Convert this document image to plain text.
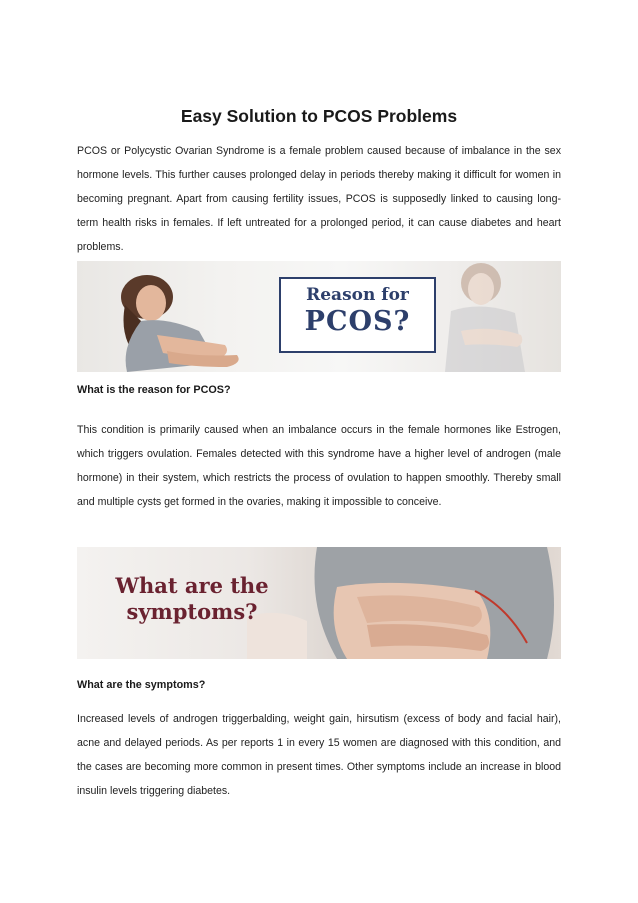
Easy Solution to PCOS Problems

PCOS or Polycystic Ovarian Syndrome is a female problem caused because of imbalance in the sex hormone levels. This further causes prolonged delay in periods thereby making it difficult for women in becoming pregnant. Apart from causing fertility issues, PCOS is supposedly linked to causing long-term health risks in females. If left untreated for a prolonged period, it can cause diabetes and heart problems.

Reason for
PCOS?
What is the reason for PCOS?

This condition is primarily caused when an imbalance occurs in the female hormones like Estrogen, which triggers ovulation. Females detected with this syndrome have a higher level of androgen (male hormone) in their system, which restricts the process of ovulation to happen smoothly. Thereby small and multiple cysts get formed in the ovaries, making it impossible to conceive.

What are the
symptoms?
What are the symptoms?

Increased levels of androgen triggerbalding, weight gain, hirsutism (excess of body and facial hair), acne and delayed periods. As per reports 1 in every 15 women are diagnosed with this condition, and the cases are becoming more common in present times. Other symptoms include an increase in blood insulin levels triggering diabetes.
